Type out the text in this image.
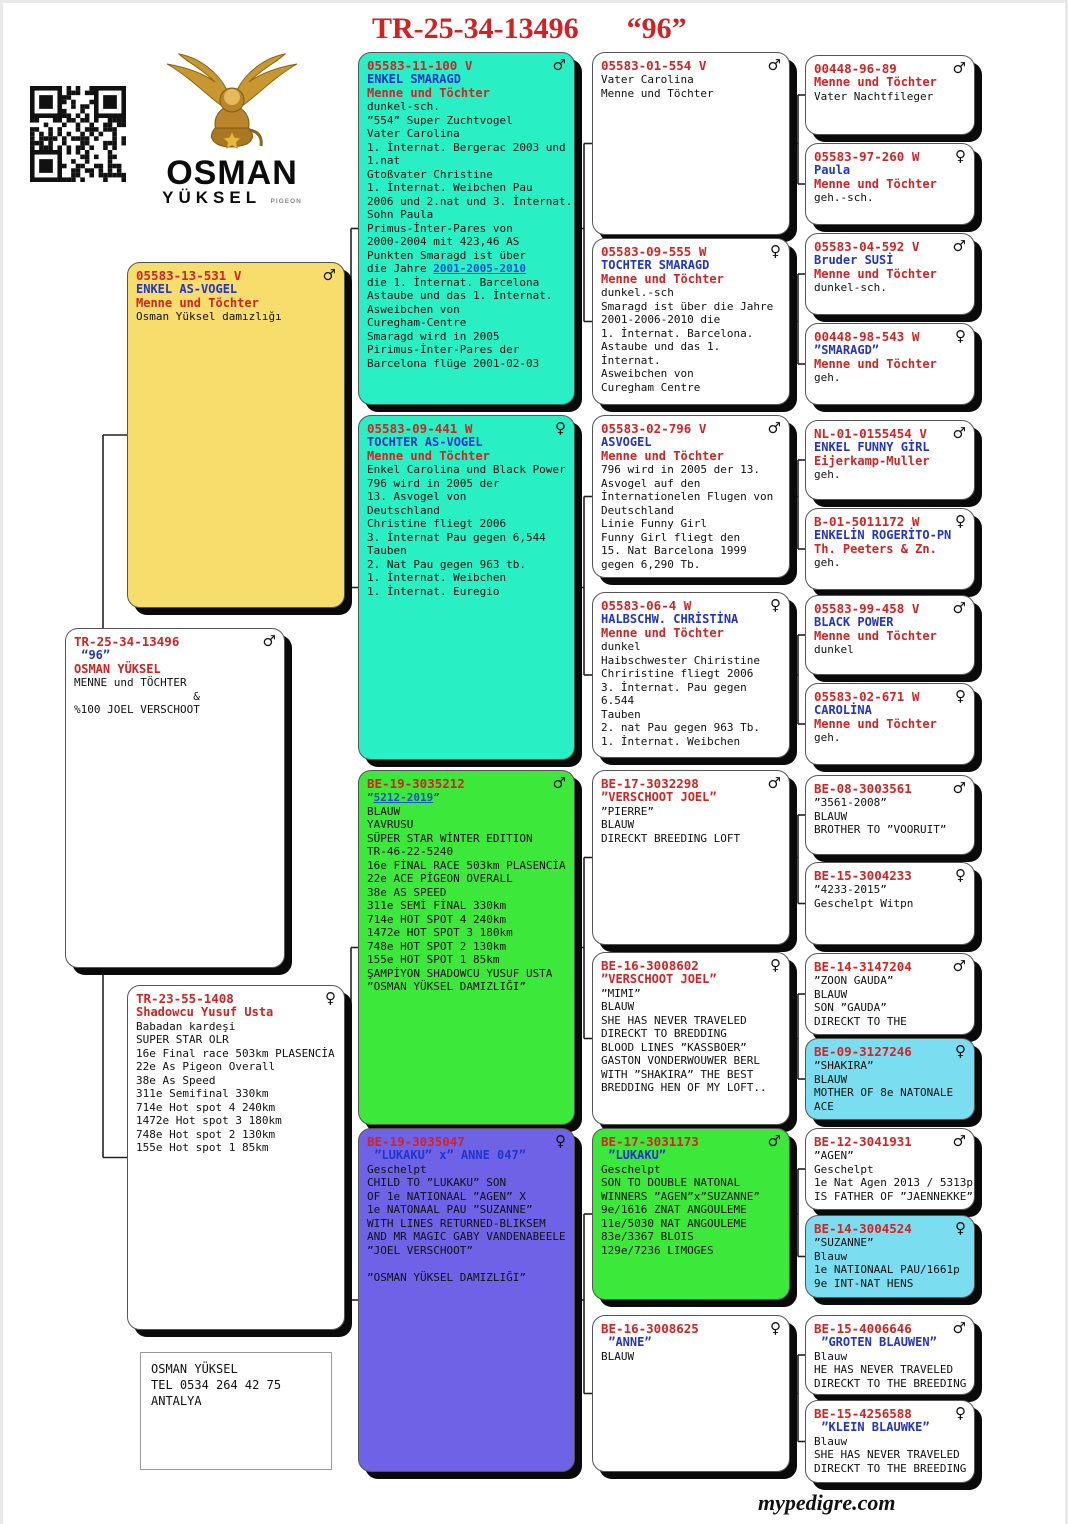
TR-25-34-13496 “96”
OSMAN
YÜKSEL PIGEON
05583-13-531 V	♂
ENKEL AS-VOGEL
Menne und Töchter
Osman Yüksel damızlığı
TR-25-34-13496	♂
“96”
OSMAN YÜKSEL
MENNE und TÖCHTER
&
%100 JOEL VERSCHOOT
TR-23-55-1408	♀
Shadowcu Yusuf Usta
Babadan kardeşi
SUPER STAR OLR
16e Final race 503km PLASENCİA
22e As Pigeon Overall
38e As Speed
311e Semifinal 330km
714e Hot spot 4 240km
1472e Hot spot 3 180km
748e Hot spot 2 130km
155e Hot spot 1 85km
05583-11-100 V	♂
ENKEL SMARAGD
Menne und Töchter
dunkel-sch.
”554” Super Zuchtvogel
Vater Carolina
1. İnternat. Bergerac 2003 und
1.nat
Gtoßvater Christine
1. İnternat. Weibchen Pau
2006 und 2.nat und 3. İnternat.
Sohn Paula
Primus-İnter-Pares von
2000-2004 mit 423,46 AS
Punkten Smaragd ist über
die Jahre 2001-2005-2010
die 1. İnternat. Barcelona
Astaube und das 1. İnternat.
Asweibchen von
Curegham-Centre
Smaragd wird in 2005
Pirimus-İnter-Pares der
Barcelona flüge 2001-02-03
05583-09-441 W	♀
TOCHTER AS-VOGEL
Menne und Töchter
Enkel Carolina und Black Power
796 wird in 2005 der
13. Asvogel von
Deutschland
Christine fliegt 2006
3. İnternat Pau gegen 6,544
Tauben
2. Nat Pau gegen 963 tb.
1. İnternat. Weibchen
1. İnternat. Euregio
BE-19-3035212	♂
”5212-2019”
BLAUW
YAVRUSU
SÜPER STAR WİNTER EDITION
TR-46-22-5240
16e FİNAL RACE 503km PLASENCİA
22e ACE PİGEON OVERALL
38e AS SPEED
311e SEMİ FİNAL 330km
714e HOT SPOT 4 240km
1472e HOT SPOT 3 180km
748e HOT SPOT 2 130km
155e HOT SPOT 1 85km
ŞAMPİYON SHADOWCU YUSUF USTA
”OSMAN YÜKSEL DAMIZLIĞI”
BE-19-3035047	♀
”LUKAKU” x” ANNE 047”
Geschelpt
CHILD TO ”LUKAKU” SON
OF 1e NATIONAAL ”AGEN” X
1e NATONAAL PAU ”SUZANNE”
WITH LINES RETURNED-BLIKSEM
AND MR MAGIC GABY VANDENABEELE
”JOEL VERSCHOOT”

”OSMAN YÜKSEL DAMIZLIĞI”
05583-01-554 V	♂
Vater Carolina
Menne und Töchter
05583-09-555 W	♀
TOCHTER SMARAGD
Menne und Töchter
dunkel.-sch
Smaragd ist über die Jahre
2001-2006-2010 die
1. İnternat. Barcelona.
Astaube und das 1.
İnternat.
Asweibchen von
Curegham Centre
05583-02-796 V	♂
ASVOGEL
Menne und Töchter
796 wird in 2005 der 13.
Asvogel auf den
İnternationelen Flugen von
Deutschland
Linie Funny Girl
Funny Girl fliegt den
15. Nat Barcelona 1999
gegen 6,290 Tb.
05583-06-4 W	♀
HALBSCHW. CHRİSTİNA
Menne und Töchter
dunkel
Haibschwester Chiristine
Chriristine fliegt 2006
3. İnternat. Pau gegen
6.544
Tauben
2. nat Pau gegen 963 Tb.
1. İnternat. Weibchen
BE-17-3032298	♂
”VERSCHOOT JOEL”
”PIERRE”
BLAUW
DIRECKT BREEDING LOFT
BE-16-3008602	♀
”VERSCHOOT JOEL”
”MIMI”
BLAUW
SHE HAS NEVER TRAVELED
DIRECKT TO BREDDING
BLOOD LINES ”KASSBOER”
GASTON VONDERWOUWER BERL
WITH ”SHAKIRA” THE BEST
BREDDING HEN OF MY LOFT..
BE-17-3031173	♂
”LUKAKU”
Geschelpt
SON TO DOUBLE NATONAL
WINNERS ”AGEN”x”SUZANNE”
9e/1616 ZNAT ANGOULEME
11e/5030 NAT ANGOULEME
83e/3367 BLOIS
129e/7236 LIMOGES
BE-16-3008625	♀
”ANNE”
BLAUW
00448-96-89	♂
Menne und Töchter
Vater Nachtfileger
05583-97-260 W ♀
Paula
Menne und Töchter
geh.-sch.
05583-04-592 V ♂
Bruder SUSİ
Menne und Töchter
dunkel-sch.
00448-98-543 W ♀
”SMARAGD”
Menne und Töchter
geh.
NL-01-0155454 V ♂
ENKEL FUNNY GİRL
Eijerkamp-Muller
geh.
B-01-5011172 W ♀
ENKELİN ROGERİTO-PN
Th. Peeters & Zn.
geh.
05583-99-458 V ♂
BLACK POWER
Menne und Töchter
dunkel
05583-02-671 W ♀
CAROLİNA
Menne und Töchter
geh.
BE-08-3003561	♂
”3561-2008”
BLAUW
BROTHER TO ”VOORUIT”
BE-15-3004233	♀
”4233-2015”
Geschelpt Witpn
BE-14-3147204	♂
”ZOON GAUDA”
BLAUW
SON ”GAUDA”
DIRECKT TO THE
BE-09-3127246	♀
”SHAKIRA”
BLAUW
MOTHER OF 8e NATONALE
ACE
BE-12-3041931	♂
”AGEN”
Geschelpt
1e Nat Agen 2013 / 5313p
IS FATHER OF ”JAENNEKKE”
BE-14-3004524	♀
”SUZANNE”
Blauw
1e NATIONAAL PAU/1661p
9e INT-NAT HENS
BE-15-4006646	♂
”GROTEN BLAUWEN”
Blauw
HE HAS NEVER TRAVELED
DIRECKT TO THE BREEDING
BE-15-4256588	♀
”KLEIN BLAUWKE”
Blauw
SHE HAS NEVER TRAVELED
DIRECKT TO THE BREEDING
OSMAN YÜKSEL
TEL 0534 264 42 75
ANTALYA
mypedigre.com
